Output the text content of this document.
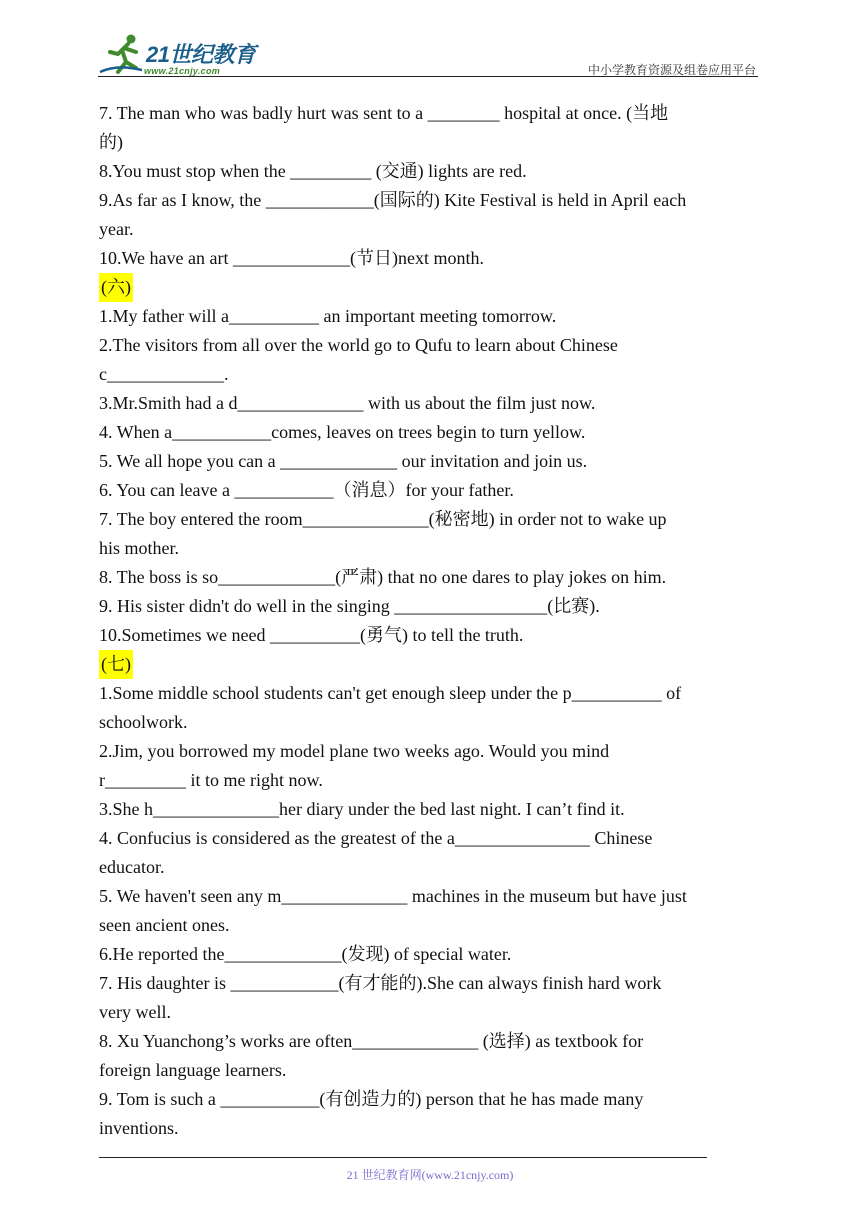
21世纪教育
www.21cnjy.com	中小学教育资源及组卷应用平台
7. The man who was badly hurt was sent to a ________ hospital at once. (当地
的)
8.You must stop when the _________ (交通) lights are red.
9.As far as I know, the ____________(国际的) Kite Festival is held in April each
year.
10.We have an art _____________(节日)next month.
(六)
1.My father will a__________ an important meeting tomorrow.
2.The visitors from all over the world go to Qufu to learn about Chinese
c_____________.
3.Mr.Smith had a d______________ with us about the film just now.
4. When a___________comes, leaves on trees begin to turn yellow.
5. We all hope you can a _____________ our invitation and join us.
6. You can leave a ___________（消息）for your father.
7. The boy entered the room______________(秘密地) in order not to wake up
his mother.
8. The boss is so_____________(严肃) that no one dares to play jokes on him.
9. His sister didn't do well in the singing _________________(比赛).
10.Sometimes we need __________(勇气) to tell the truth.
(七)
1.Some middle school students can't get enough sleep under the p__________ of
schoolwork.
2.Jim, you borrowed my model plane two weeks ago. Would you mind
r_________ it to me right now.
3.She h______________her diary under the bed last night. I can’t find it.
4. Confucius is considered as the greatest of the a_______________ Chinese
educator.
5. We haven't seen any m______________ machines in the museum but have just
seen ancient ones.
6.He reported the_____________(发现) of special water.
7. His daughter is ____________(有才能的).She can always finish hard work
very well.
8. Xu Yuanchong’s works are often______________ (选择) as textbook for
foreign language learners.
9. Tom is such a ___________(有创造力的) person that he has made many
inventions.
21 世纪教育网(www.21cnjy.com)
